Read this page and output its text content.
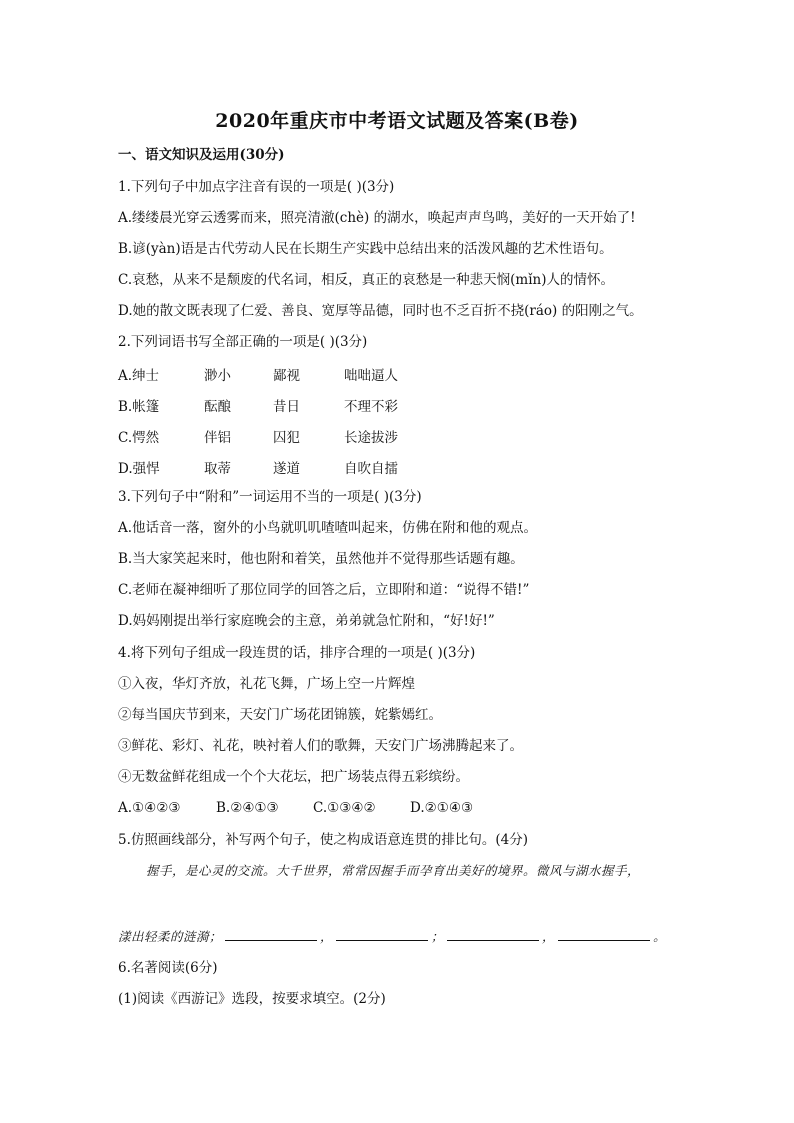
2020年重庆市中考语文试题及答案(B卷)
一、语文知识及运用(30分)
1.下列句子中加点字注音有误的一项是( )(3分)
A.缕缕晨光穿云透雾而来，照亮清澈(chè) 的湖水，唤起声声鸟鸣，美好的一天开始了!
B.谚(yàn)语是古代劳动人民在长期生产实践中总结出来的活泼风趣的艺术性语句。
C.哀愁，从来不是颓废的代名词，相反，真正的哀愁是一种悲天悯(mǐn)人的情怀。
D.她的散文既表现了仁爱、善良、宽厚等品德，同时也不乏百折不挠(ráo) 的阳刚之气。
2.下列词语书写全部正确的一项是( )(3分)
A.绅士	渺小	鄙视	咄咄逼人
B.帐篷	酝酿	昔日	不理不彩
C.愕然	伴铝	囚犯	长途拔涉
D.强悍	取蒂	遂道	自吹自擂
3.下列句子中“附和”一词运用不当的一项是( )(3分)
A.他话音一落，窗外的小鸟就叽叽喳喳叫起来，仿佛在附和他的观点。
B.当大家笑起来时，他也附和着笑，虽然他并不觉得那些话题有趣。
C.老师在凝神细听了那位同学的回答之后，立即附和道：“说得不错!”
D.妈妈刚提出举行家庭晚会的主意，弟弟就急忙附和，“好!好!”
4.将下列句子组成一段连贯的话，排序合理的一项是( )(3分)
①入夜，华灯齐放，礼花飞舞，广场上空一片辉煌
②每当国庆节到来，天安门广场花团锦簇，姹紫嫣红。
③鲜花、彩灯、礼花，映衬着人们的歌舞，天安门广场沸腾起来了。
④无数盆鲜花组成一个个大花坛，把广场装点得五彩缤纷。
A.①④②③	B.②④①③	C.①③④②	D.②①④③
5.仿照画线部分，补写两个句子，使之构成语意连贯的排比句。(4分)
握手，是心灵的交流。大千世界，常常因握手而孕育出美好的境界。微风与湖水握手，
漾出轻柔的涟漪；	，	；	，	。
6.名著阅读(6分)
(1)阅读《西游记》选段，按要求填空。(2分)
